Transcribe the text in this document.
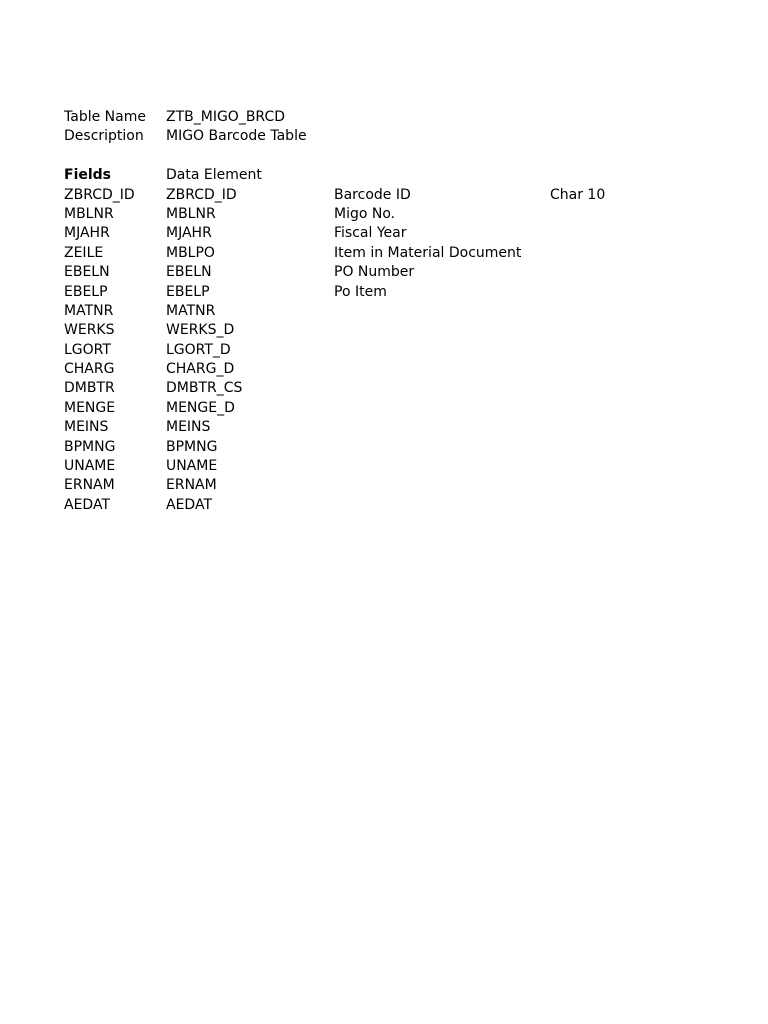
Table Name	ZTB_MIGO_BRCD
Description	MIGO Barcode Table
Fields	Data Element
ZBRCD_ID	ZBRCD_ID	Barcode ID	Char 10
MBLNR	MBLNR	Migo No.
MJAHR	MJAHR	Fiscal Year
ZEILE	MBLPO	Item in Material Document
EBELN	EBELN	PO Number
EBELP	EBELP	Po Item
MATNR	MATNR
WERKS	WERKS_D
LGORT	LGORT_D
CHARG	CHARG_D
DMBTR	DMBTR_CS
MENGE	MENGE_D
MEINS	MEINS
BPMNG	BPMNG
UNAME	UNAME
ERNAM	ERNAM
AEDAT	AEDAT
